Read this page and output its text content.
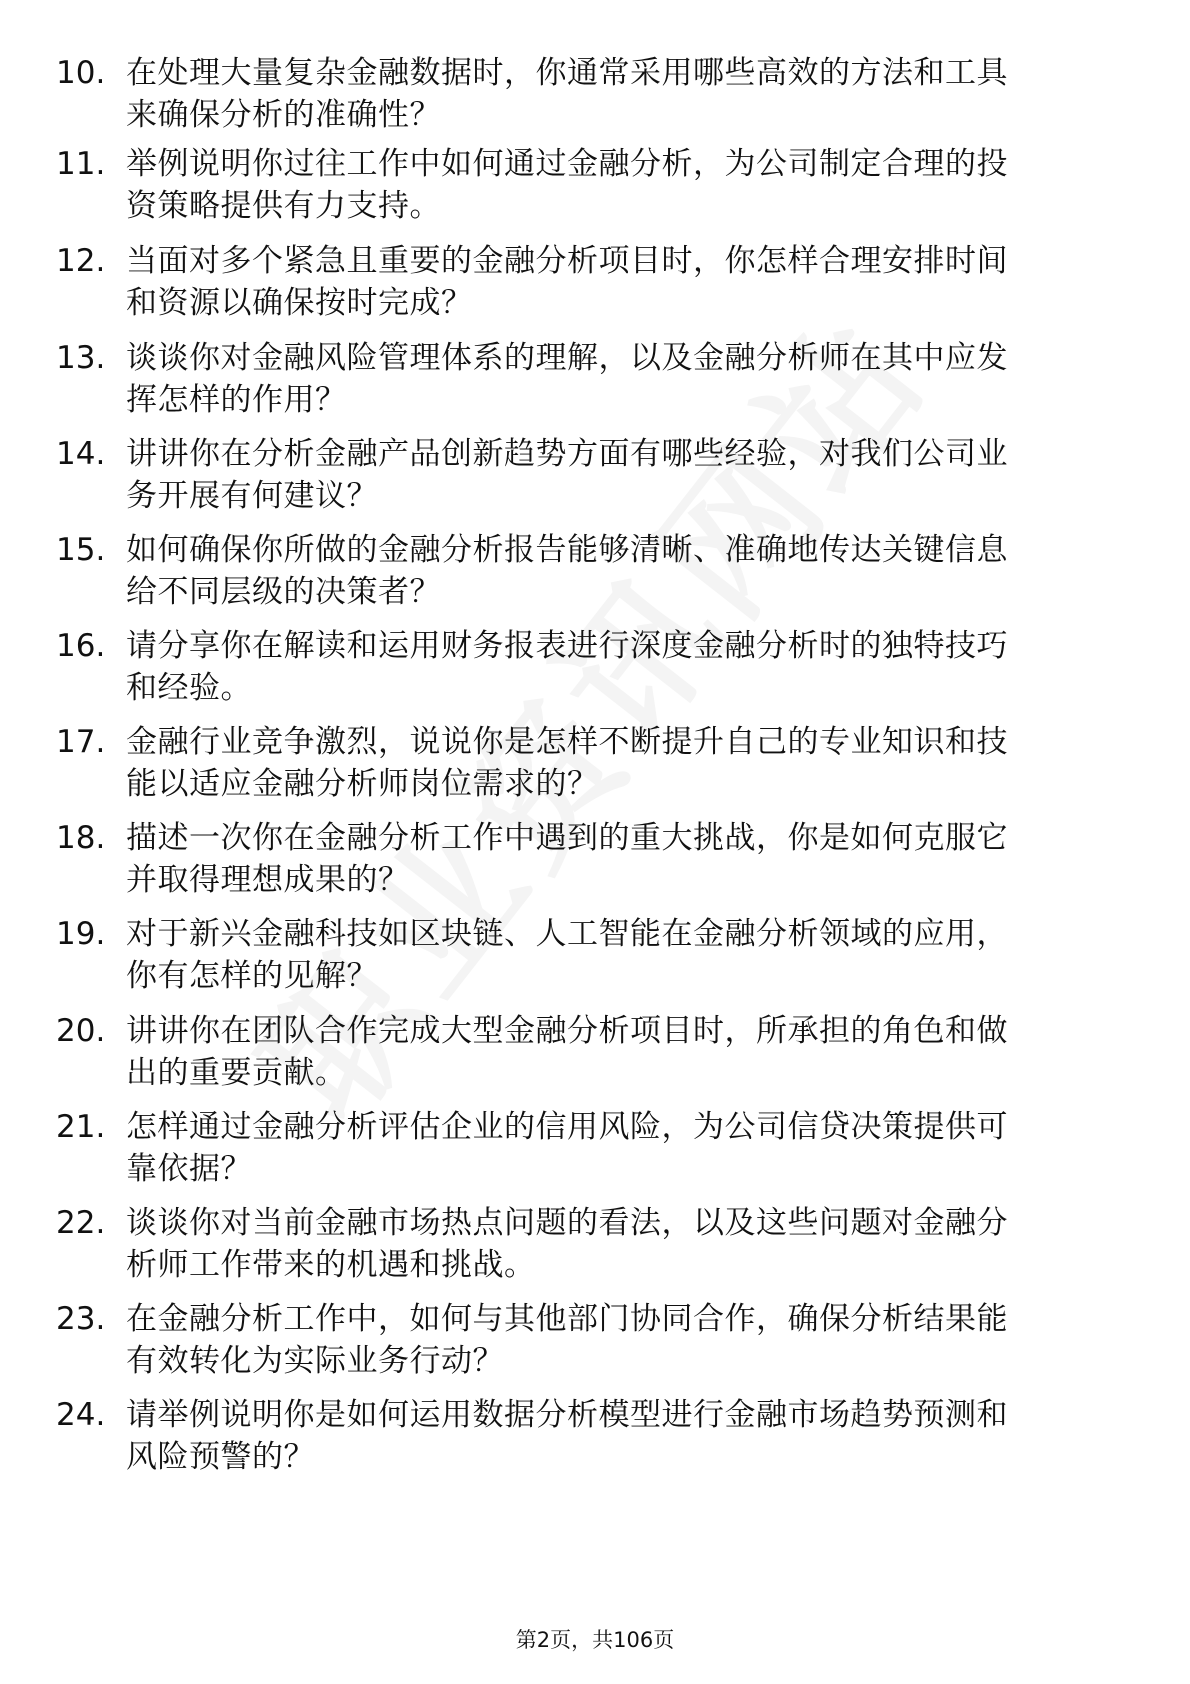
10. 在处理大量复杂金融数据时，你通常采用哪些高效的方法和工具
来确保分析的准确性？
11. 举例说明你过往工作中如何通过金融分析，为公司制定合理的投
资策略提供有力支持。
12. 当面对多个紧急且重要的金融分析项目时，你怎样合理安排时间
和资源以确保按时完成？
13. 谈谈你对金融风险管理体系的理解，以及金融分析师在其中应发
挥怎样的作用？
14. 讲讲你在分析金融产品创新趋势方面有哪些经验，对我们公司业
务开展有何建议？
15. 如何确保你所做的金融分析报告能够清晰、准确地传达关键信息
给不同层级的决策者？
16. 请分享你在解读和运用财务报表进行深度金融分析时的独特技巧
和经验。
17. 金融行业竞争激烈，说说你是怎样不断提升自己的专业知识和技
能以适应金融分析师岗位需求的？
18. 描述一次你在金融分析工作中遇到的重大挑战，你是如何克服它
并取得理想成果的？
19. 对于新兴金融科技如区块链、人工智能在金融分析领域的应用，
你有怎样的见解？
20. 讲讲你在团队合作完成大型金融分析项目时，所承担的角色和做
出的重要贡献。
21. 怎样通过金融分析评估企业的信用风险，为公司信贷决策提供可
靠依据？
22. 谈谈你对当前金融市场热点问题的看法，以及这些问题对金融分
析师工作带来的机遇和挑战。
23. 在金融分析工作中，如何与其他部门协同合作，确保分析结果能
有效转化为实际业务行动？
24. 请举例说明你是如何运用数据分析模型进行金融市场趋势预测和
风险预警的？
第2页，共106页
